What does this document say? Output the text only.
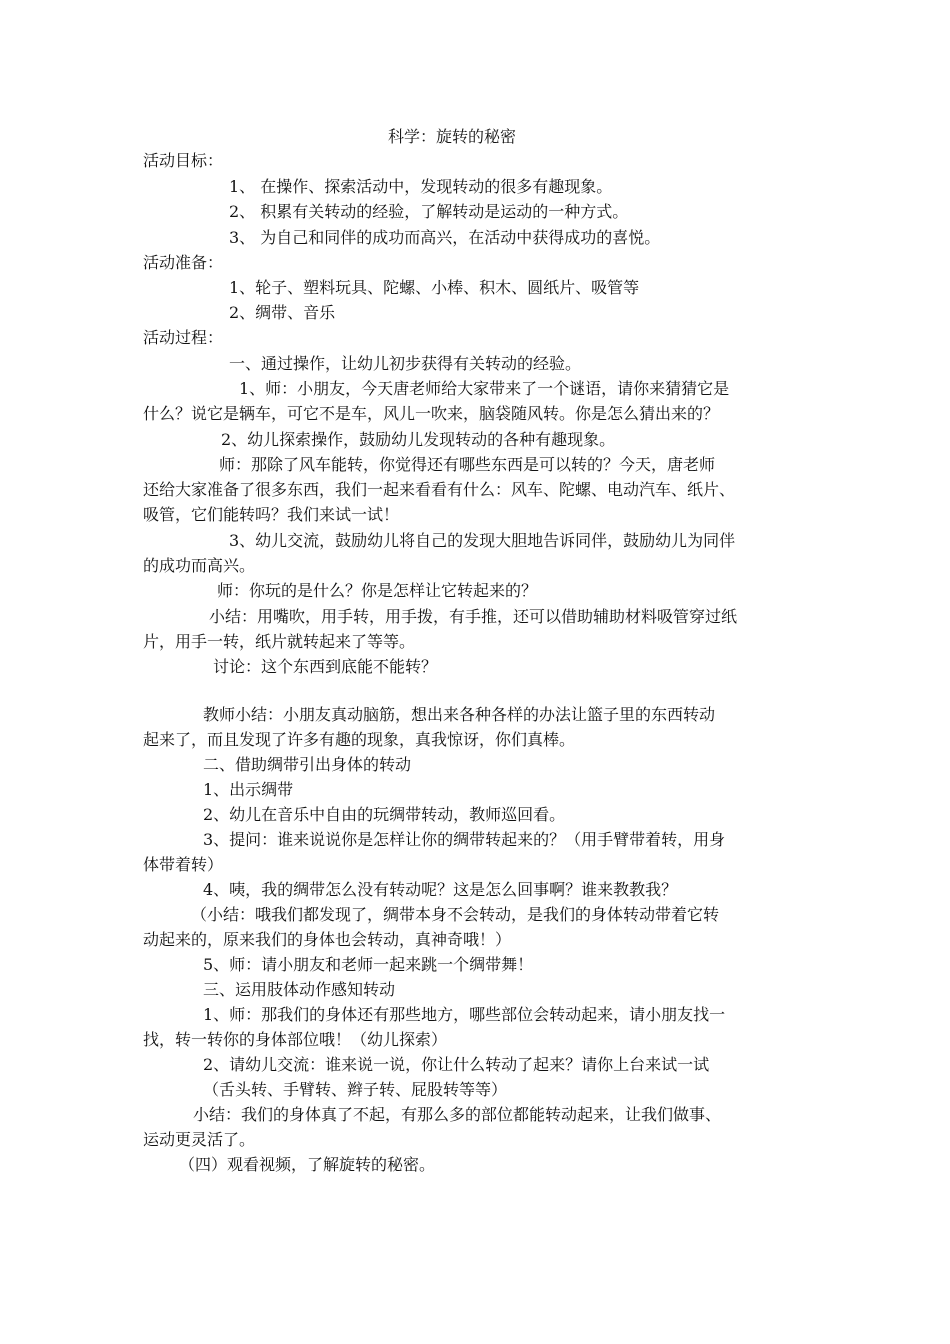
科学：旋转的秘密
活动目标：
1、 在操作、探索活动中，发现转动的很多有趣现象。
2、 积累有关转动的经验，了解转动是运动的一种方式。
3、 为自己和同伴的成功而高兴，在活动中获得成功的喜悦。
活动准备：
1、轮子、塑料玩具、陀螺、小棒、积木、圆纸片、吸管等
2、绸带、音乐
活动过程：
一、通过操作，让幼儿初步获得有关转动的经验。
1、师：小朋友，今天唐老师给大家带来了一个谜语，请你来猜猜它是
什么？说它是辆车，可它不是车，风儿一吹来，脑袋随风转。你是怎么猜出来的？
2、幼儿探索操作，鼓励幼儿发现转动的各种有趣现象。
师：那除了风车能转，你觉得还有哪些东西是可以转的？今天，唐老师
还给大家准备了很多东西，我们一起来看看有什么：风车、陀螺、电动汽车、纸片、
吸管，它们能转吗？我们来试一试！
3、幼儿交流，鼓励幼儿将自己的发现大胆地告诉同伴，鼓励幼儿为同伴
的成功而高兴。
师：你玩的是什么？你是怎样让它转起来的？
小结：用嘴吹，用手转，用手拨，有手推，还可以借助辅助材料吸管穿过纸
片，用手一转，纸片就转起来了等等。
讨论：这个东西到底能不能转？
教师小结：小朋友真动脑筋，想出来各种各样的办法让篮子里的东西转动
起来了，而且发现了许多有趣的现象，真我惊讶，你们真棒。
二、借助绸带引出身体的转动
1、出示绸带
2、幼儿在音乐中自由的玩绸带转动，教师巡回看。
3、提问：谁来说说你是怎样让你的绸带转起来的？（用手臂带着转，用身
体带着转）
4、咦，我的绸带怎么没有转动呢？这是怎么回事啊？谁来教教我？
（小结：哦我们都发现了，绸带本身不会转动，是我们的身体转动带着它转
动起来的，原来我们的身体也会转动，真神奇哦！）
5、师：请小朋友和老师一起来跳一个绸带舞！
三、运用肢体动作感知转动
1、师：那我们的身体还有那些地方，哪些部位会转动起来，请小朋友找一
找，转一转你的身体部位哦！（幼儿探索）
2、请幼儿交流：谁来说一说，你让什么转动了起来？请你上台来试一试
（舌头转、手臂转、辫子转、屁股转等等）
小结：我们的身体真了不起，有那么多的部位都能转动起来，让我们做事、
运动更灵活了。
（四）观看视频，了解旋转的秘密。
